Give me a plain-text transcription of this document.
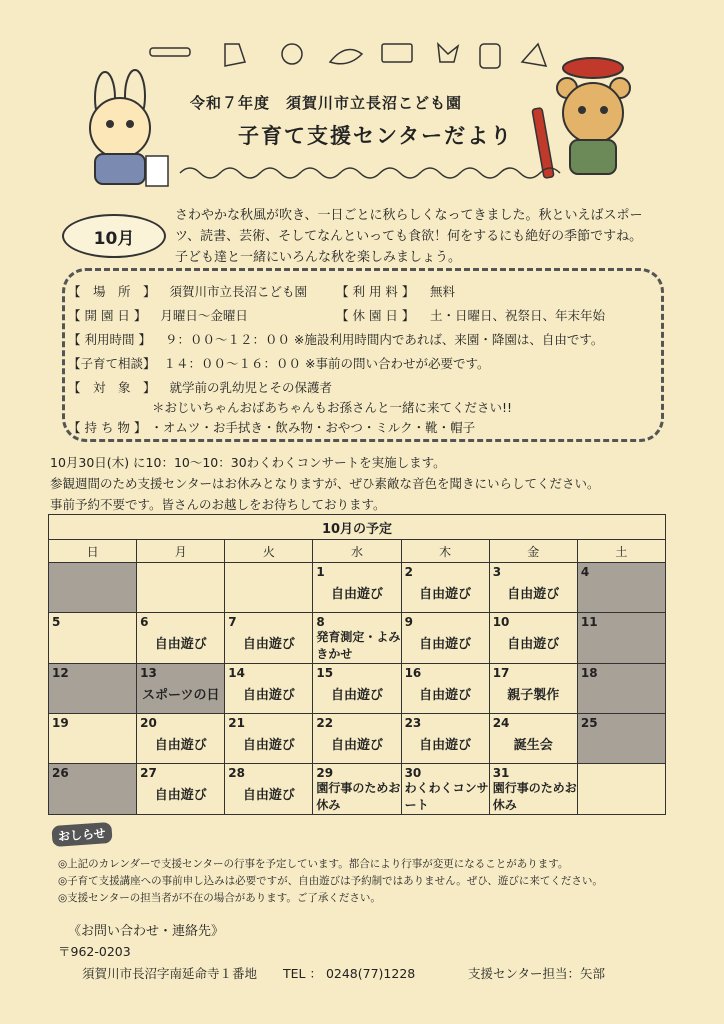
令和７年度　須賀川市立長沼こども園
子育て支援センターだより
10月
さわやかな秋風が吹き、一日ごとに秋らしくなってきました。秋といえばスポーツ、読書、芸術、そしてなんといっても食欲！何をするにも絶好の季節ですね。子ども達と一緒にいろんな秋を楽しみましょう。
【　場　所　】 須賀川市立長沼こども園 【 利 用 料 】 無料
【 開 園 日 】 月曜日～金曜日	【 休 園 日 】 土・日曜日、祝祭日、年末年始
【 利用時間 】 ９：００～１２：００ ※施設利用時間内であれば、来園・降園は、自由です。
【子育て相談】 １４：００～１６：００ ※事前の問い合わせが必要です。
【　対　象　】 就学前の乳幼児とその保護者
＊おじいちゃんおばあちゃんもお孫さんと一緒に来てください!!
【 持 ち 物 】 ・オムツ・お手拭き・飲み物・おやつ・ミルク・靴・帽子
10月30日(木) に10：10～10：30わくわくコンサートを実施します。
参観週間のため支援センターはお休みとなりますが、ぜひ素敵な音色を聞きにいらしてください。
事前予約不要です。皆さんのお越しをお待ちしております。
10月の予定						
日	月	火	水	木	金	土

			1
自由遊び	2
自由遊び	3
自由遊び	4

5	6
自由遊び	7
自由遊び	8
発育測定・よみきかせ	9
自由遊び	10
自由遊び	11

12	13
スポーツの日	14
自由遊び	15
自由遊び	16
自由遊び	17
親子製作	18

19	20
自由遊び	21
自由遊び	22
自由遊び	23
自由遊び	24
誕生会	25

26	27
自由遊び	28
自由遊び	29
園行事のためお休み	30
わくわくコンサート	31
園行事のためお休み	

おしらせ
◎上記のカレンダーで支援センターの行事を予定しています。都合により行事が変更になることがあります。
◎子育て支援講座への事前申し込みは必要ですが、自由遊びは予約制ではありません。ぜひ、遊びに来てください。
◎支援センターの担当者が不在の場合があります。ご了承ください。
《お問い合わせ・連絡先》
〒962-0203
須賀川市長沼字南延命寺１番地 TEL ： 0248(77)1228	支援センター担当：矢部
